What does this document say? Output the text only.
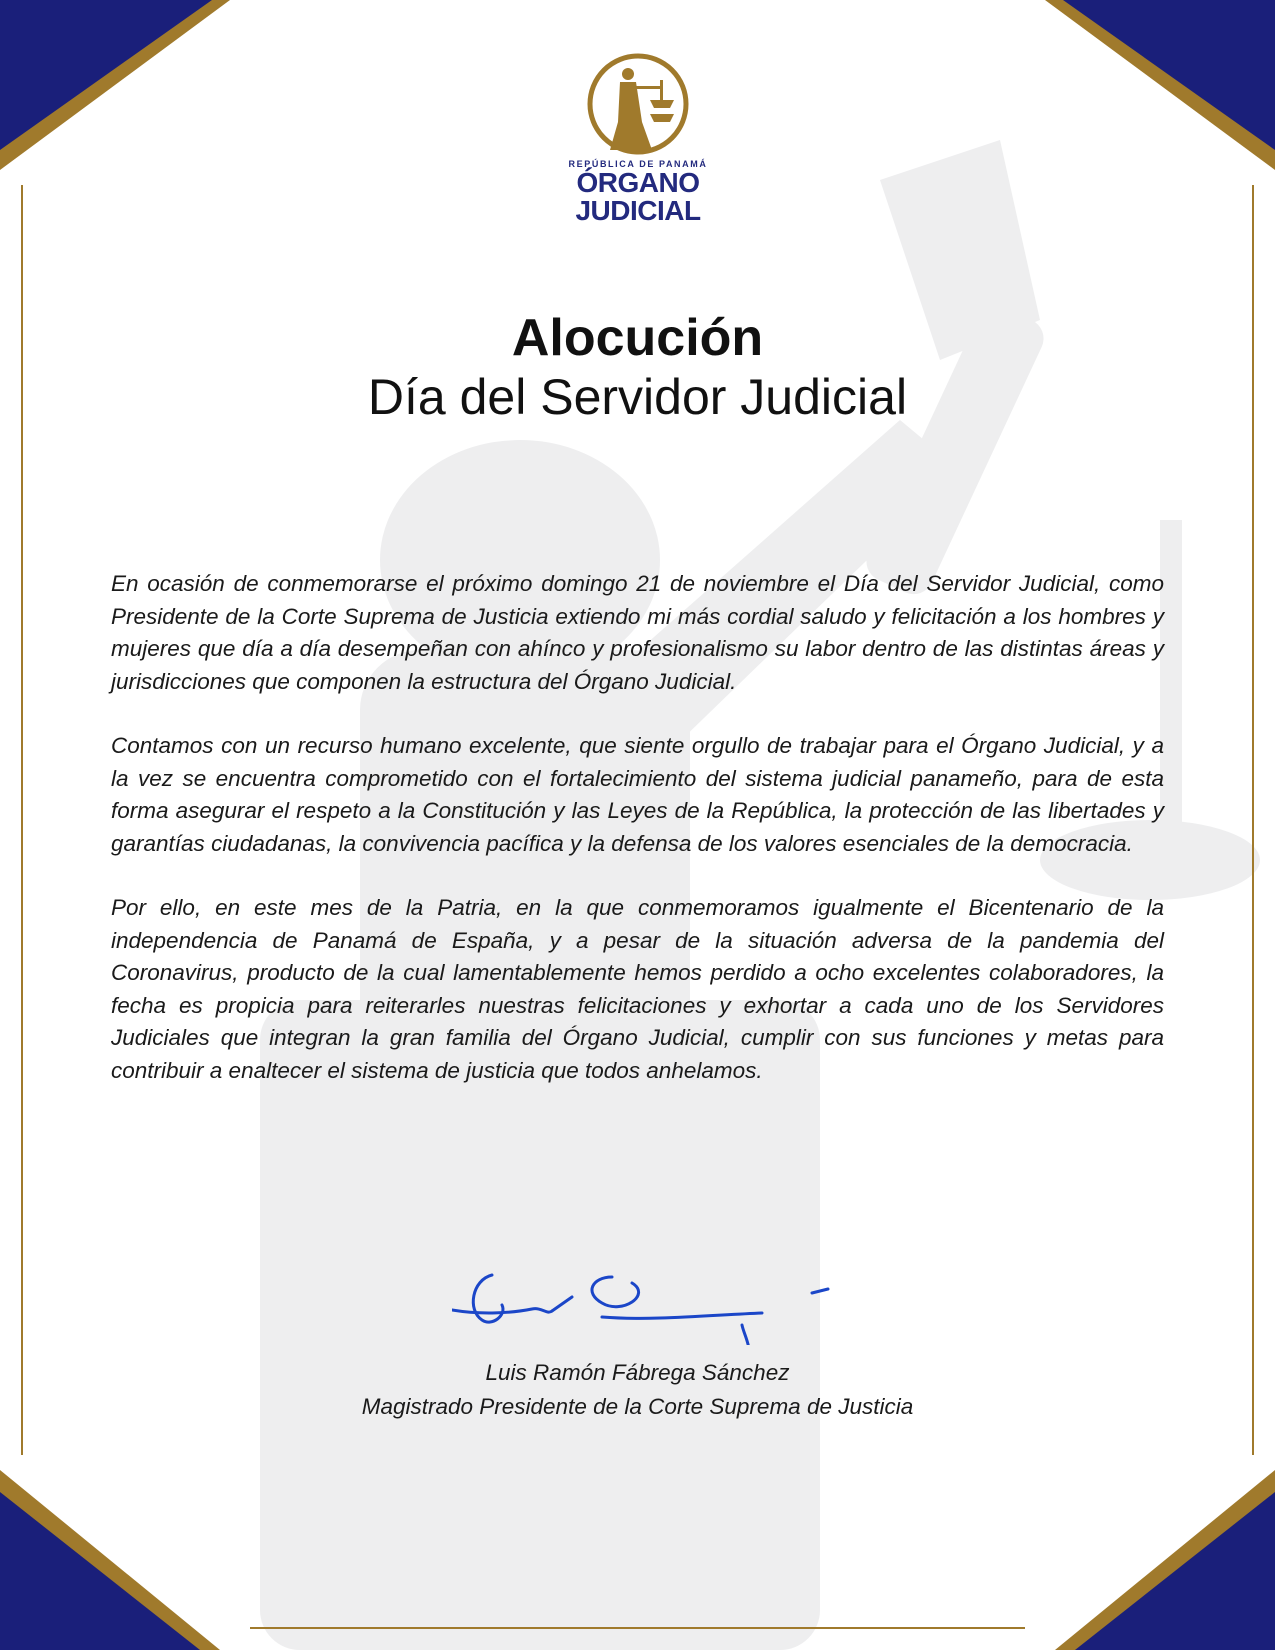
REPÚBLICA DE PANAMÁ
ÓRGANO
JUDICIAL
Alocución
Día del Servidor Judicial

En ocasión de conmemorarse el próximo domingo 21 de noviembre el Día del Servidor Judicial, como Presidente de la Corte Suprema de Justicia extiendo mi más cordial saludo y felicitación a los hombres y mujeres que día a día desempeñan con ahínco y profesionalismo su labor dentro de las distintas áreas y jurisdicciones que componen la estructura del Órgano Judicial.

Contamos con un recurso humano excelente, que siente orgullo de trabajar para el Órgano Judicial, y a la vez se encuentra comprometido con el fortalecimiento del sistema judicial panameño, para de esta forma asegurar el respeto a la Constitución y las Leyes de la República, la protección de las libertades y garantías ciudadanas, la convivencia pacífica y la defensa de los valores esenciales de la democracia.

Por ello, en este mes de la Patria, en la que conmemoramos igualmente el Bicentenario de la independencia de Panamá de España, y a pesar de la situación adversa de la pandemia del Coronavirus, producto de la cual lamentablemente hemos perdido a ocho excelentes colaboradores, la fecha es propicia para reiterarles nuestras felicitaciones y exhortar a cada uno de los Servidores Judiciales que integran la gran familia del Órgano Judicial, cumplir con sus funciones y metas para contribuir a enaltecer el sistema de justicia que todos anhelamos.

Luis Ramón Fábrega Sánchez
Magistrado Presidente de la Corte Suprema de Justicia
